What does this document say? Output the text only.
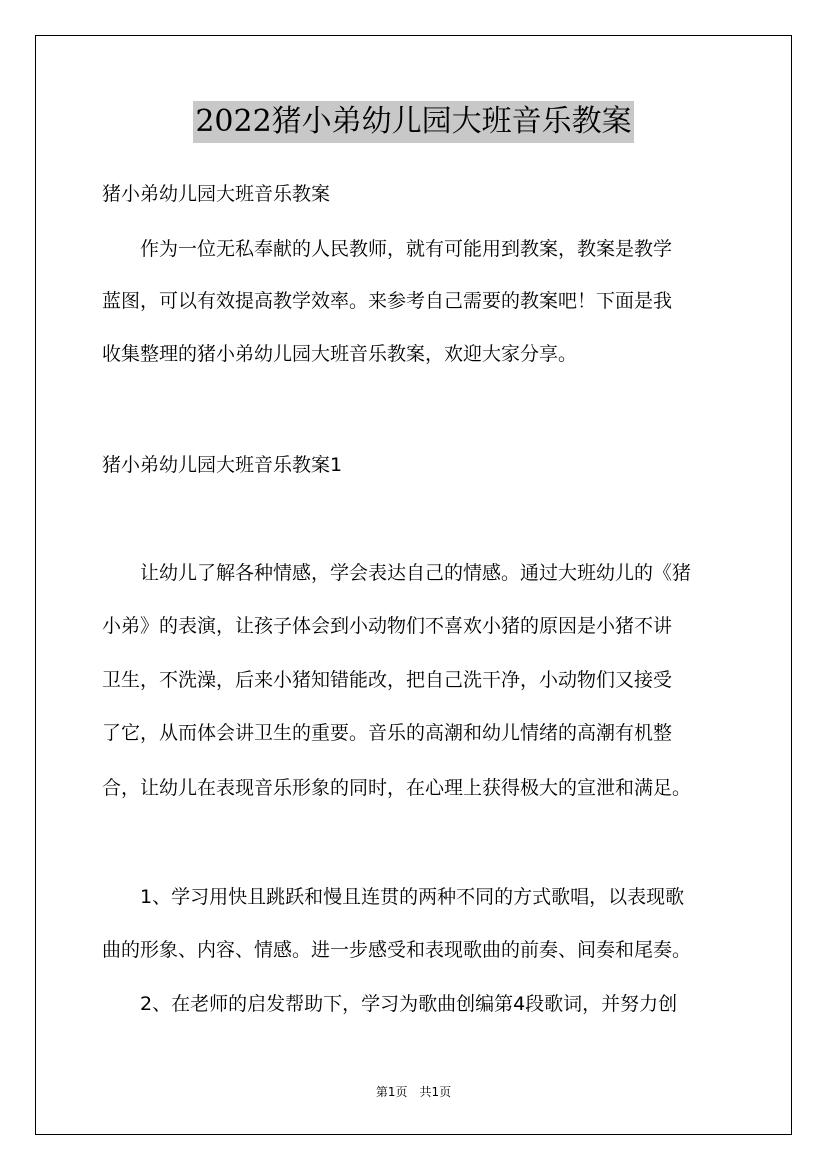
2022猪小弟幼儿园大班音乐教案
猪小弟幼儿园大班音乐教案
　　作为一位无私奉献的人民教师，就有可能用到教案，教案是教学
蓝图，可以有效提高教学效率。来参考自己需要的教案吧！下面是我
收集整理的猪小弟幼儿园大班音乐教案，欢迎大家分享。
猪小弟幼儿园大班音乐教案1
　　让幼儿了解各种情感，学会表达自己的情感。通过大班幼儿的《猪
小弟》的表演，让孩子体会到小动物们不喜欢小猪的原因是小猪不讲
卫生，不洗澡，后来小猪知错能改，把自己洗干净，小动物们又接受
了它，从而体会讲卫生的重要。音乐的高潮和幼儿情绪的高潮有机整
合，让幼儿在表现音乐形象的同时，在心理上获得极大的宣泄和满足。
　　1、学习用快且跳跃和慢且连贯的两种不同的方式歌唱，以表现歌
曲的形象、内容、情感。进一步感受和表现歌曲的前奏、间奏和尾奏。
　　2、在老师的启发帮助下，学习为歌曲创编第4段歌词，并努力创
第1页 共1页
